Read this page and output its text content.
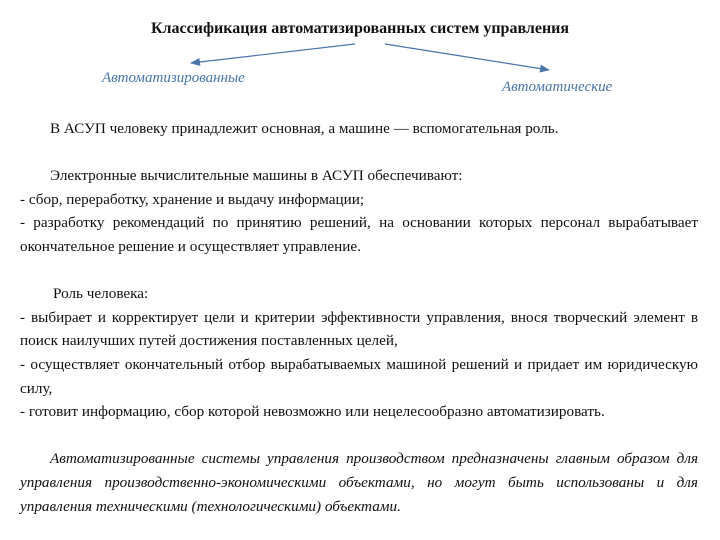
Классификация автоматизированных систем управления

Автоматизированные

Автоматические

В АСУП человеку принадлежит основная, а машине — вспомогательная роль.

Электронные вычислительные машины в АСУП обеспечивают:

- сбор, переработку, хранение и выдачу информации;

- разработку рекомендаций по принятию решений, на основании которых персонал вырабатывает окончательное решение и осуществляет управление.

Роль человека:

- выбирает и корректирует цели и критерии эффективности управления, внося творческий элемент в поиск наилучших путей достижения поставленных целей,

- осуществляет окончательный отбор вырабатываемых машиной решений и придает им юридическую силу,

- готовит информацию, сбор которой невозможно или нецелесообразно автоматизировать.

Автоматизированные системы управления производством предназначены главным образом для управления производственно-экономическими объектами, но могут быть использованы и для управления техническими (технологическими) объектами.
